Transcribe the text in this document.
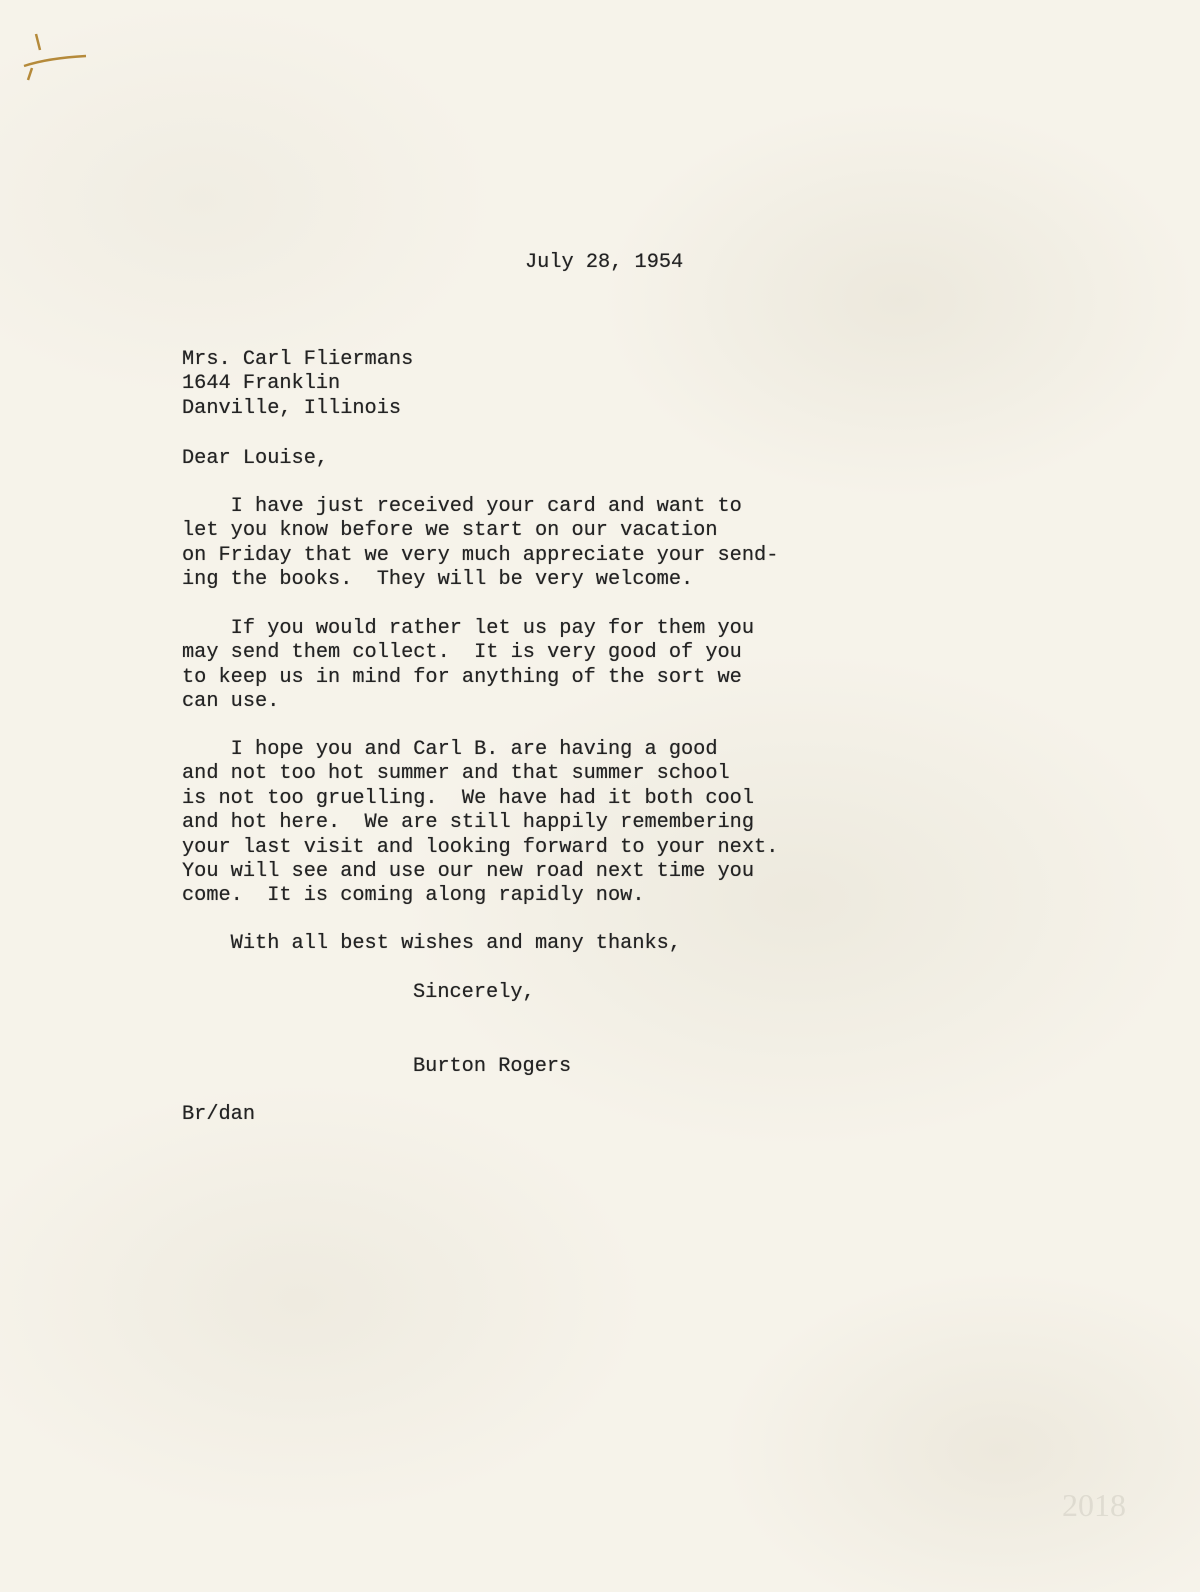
July 28, 1954
Mrs. Carl Fliermans
1644 Franklin
Danville, Illinois
Dear Louise,
I have just received your card and want to
let you know before we start on our vacation
on Friday that we very much appreciate your send-
ing the books.  They will be very welcome.
If you would rather let us pay for them you
may send them collect.  It is very good of you
to keep us in mind for anything of the sort we
can use.
I hope you and Carl B. are having a good
and not too hot summer and that summer school
is not too gruelling.  We have had it both cool
and hot here.  We are still happily remembering
your last visit and looking forward to your next.
You will see and use our new road next time you
come.  It is coming along rapidly now.
With all best wishes and many thanks,
Sincerely,
Burton Rogers
Br/dan
2018
